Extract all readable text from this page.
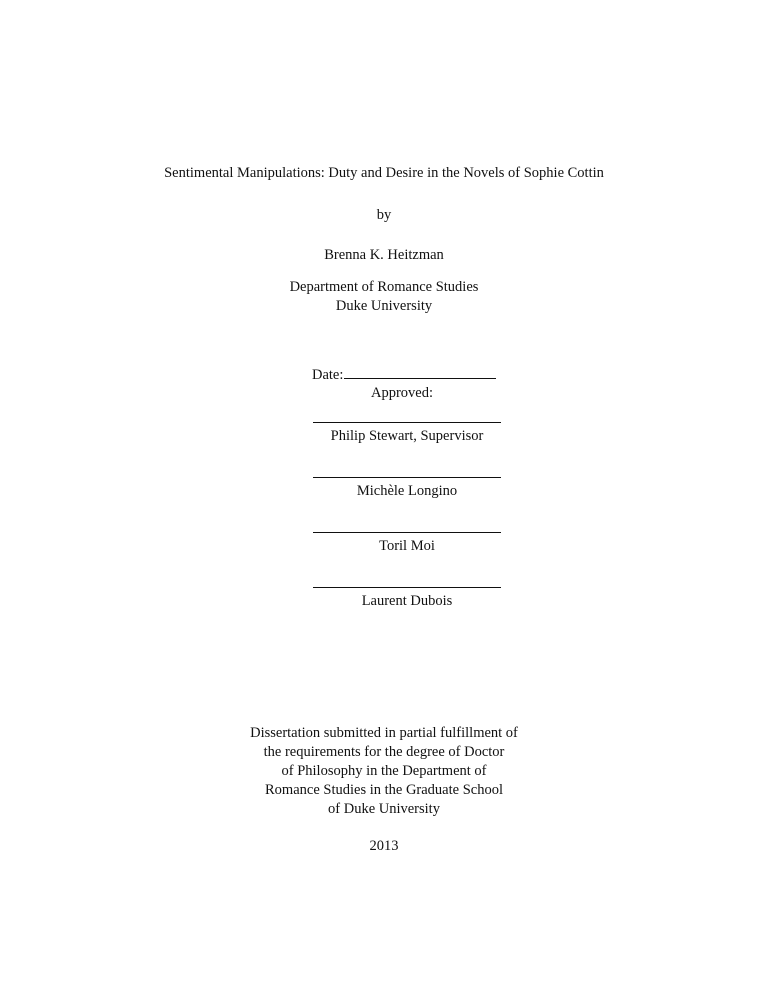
Sentimental Manipulations: Duty and Desire in the Novels of Sophie Cottin
by
Brenna K. Heitzman
Department of Romance Studies
Duke University
Date:
Approved:
Philip Stewart, Supervisor
Michèle Longino
Toril Moi
Laurent Dubois
Dissertation submitted in partial fulfillment of
the requirements for the degree of Doctor
of Philosophy in the Department of
Romance Studies in the Graduate School
of Duke University
2013
